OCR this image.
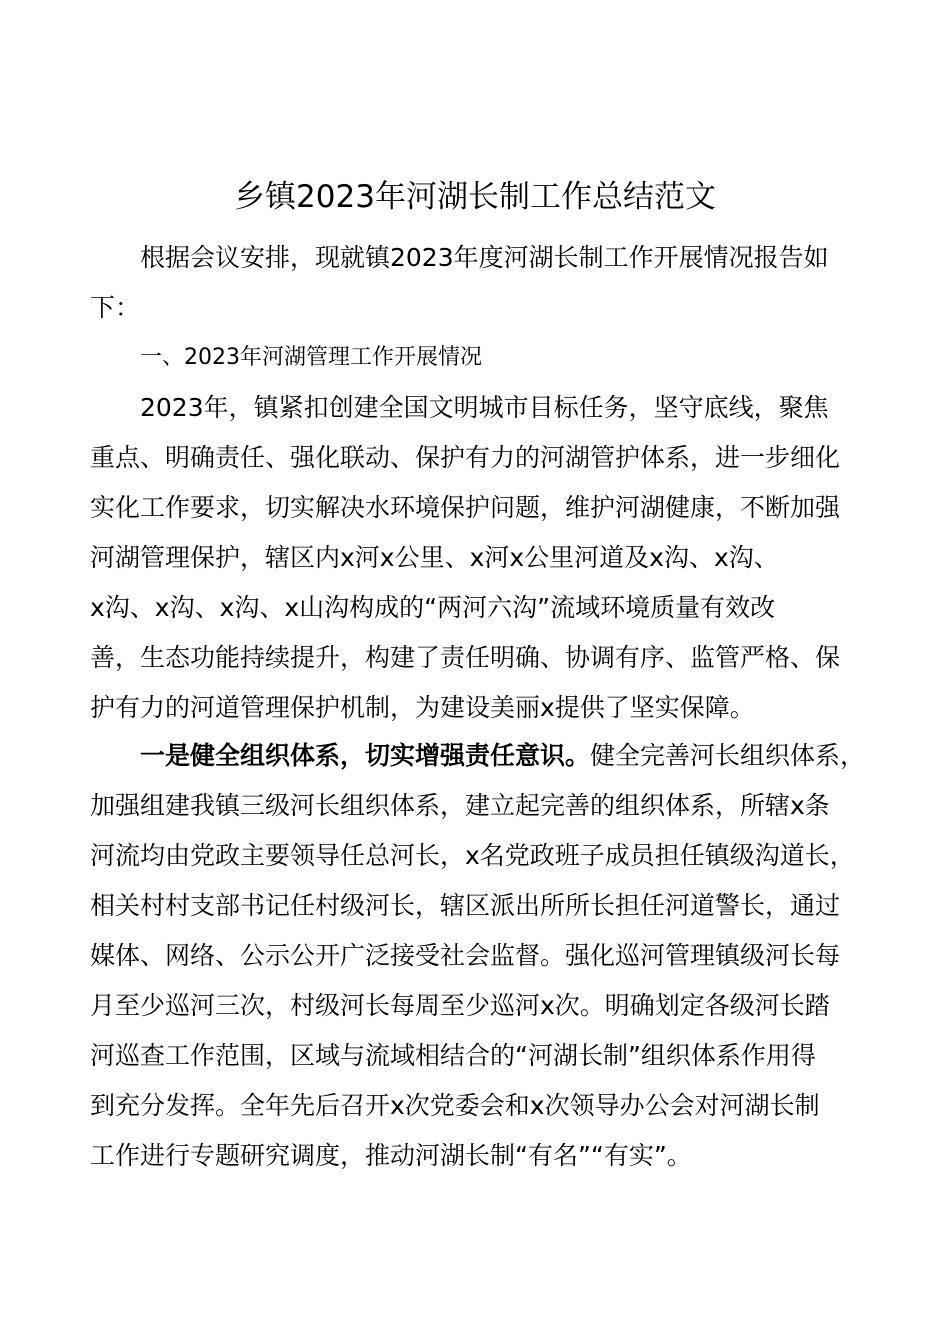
乡镇2023年河湖长制工作总结范文
根据会议安排，现就镇2023年度河湖长制工作开展情况报告如
下：
一、2023年河湖管理工作开展情况
2023年，镇紧扣创建全国文明城市目标任务，坚守底线，聚焦
重点、明确责任、强化联动、保护有力的河湖管护体系，进一步细化
实化工作要求，切实解决水环境保护问题，维护河湖健康，不断加强
河湖管理保护，辖区内x河x公里、x河x公里河道及x沟、x沟、
x沟、x沟、x沟、x山沟构成的“两河六沟”流域环境质量有效改
善，生态功能持续提升，构建了责任明确、协调有序、监管严格、保
护有力的河道管理保护机制，为建设美丽x提供了坚实保障。
一是健全组织体系，切实增强责任意识。健全完善河长组织体系，
加强组建我镇三级河长组织体系，建立起完善的组织体系，所辖x条
河流均由党政主要领导任总河长，x名党政班子成员担任镇级沟道长，
相关村村支部书记任村级河长，辖区派出所所长担任河道警长，通过
媒体、网络、公示公开广泛接受社会监督。强化巡河管理镇级河长每
月至少巡河三次，村级河长每周至少巡河x次。明确划定各级河长踏
河巡查工作范围，区域与流域相结合的“河湖长制”组织体系作用得
到充分发挥。全年先后召开x次党委会和x次领导办公会对河湖长制
工作进行专题研究调度，推动河湖长制“有名”“有实”。
